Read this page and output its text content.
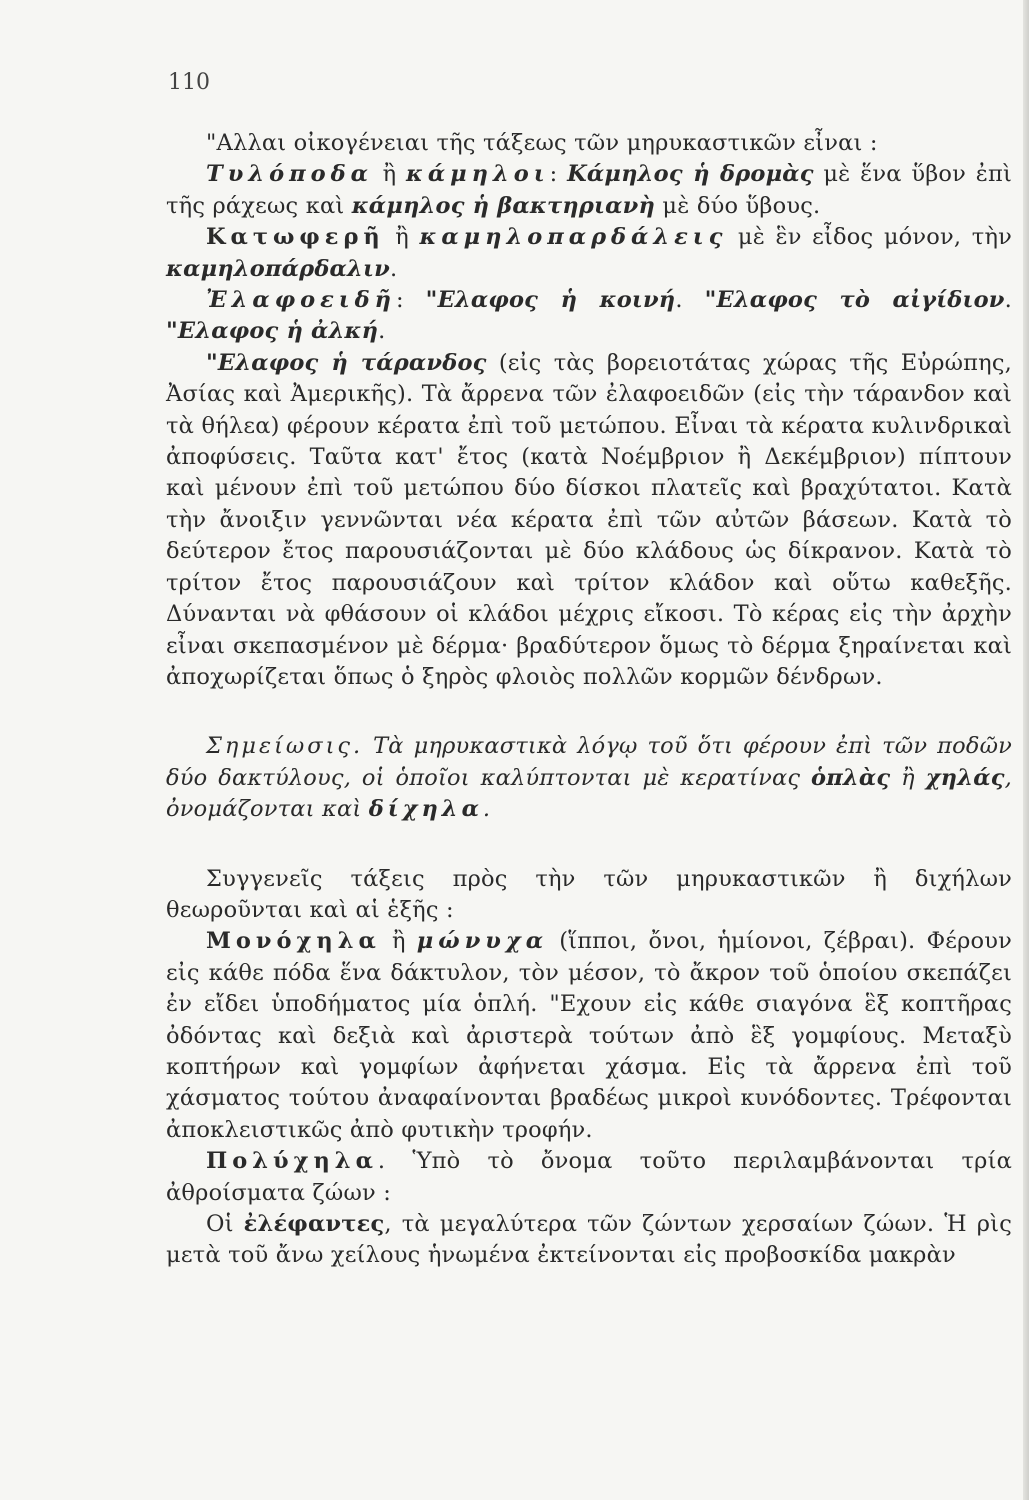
110

"Αλλαι οἰκογένειαι τῆς τάξεως τῶν μηρυκαστικῶν εἶναι :

Τυλόποδα ἢ κάμηλοι: Κάμηλος ἡ δρομὰς μὲ ἕνα ὕβον ἐπὶ τῆς ράχεως καὶ κάμηλος ἡ βακτηριανὴ μὲ δύο ὕβους.

Κατωφερῆ ἢ καμηλοπαρδάλεις μὲ ἓν εἶδος μόνον, τὴν καμηλοπάρδαλιν.

Ἐλαφοειδῆ: "Ελαφος ἡ κοινή. "Ελαφος τὸ αἰγίδιον. "Ελαφος ἡ ἀλκή.

"Ελαφος ἡ τάρανδος (εἰς τὰς βορειοτάτας χώρας τῆς Εὐρώπης, Ἀσίας καὶ Ἀμερικῆς). Τὰ ἄρρενα τῶν ἐλαφοειδῶν (εἰς τὴν τάρανδον καὶ τὰ θήλεα) φέρουν κέρατα ἐπὶ τοῦ μετώπου. Εἶναι τὰ κέρατα κυλινδρικαὶ ἀποφύσεις. Ταῦτα κατ' ἔτος (κατὰ Νοέμβριον ἢ Δεκέμβριον) πίπτουν καὶ μένουν ἐπὶ τοῦ μετώπου δύο δίσκοι πλατεῖς καὶ βραχύτατοι. Κατὰ τὴν ἄνοιξιν γεννῶνται νέα κέρατα ἐπὶ τῶν αὐτῶν βάσεων. Κατὰ τὸ δεύτερον ἔτος παρουσιάζονται μὲ δύο κλάδους ὡς δίκρανον. Κατὰ τὸ τρίτον ἔτος παρουσιάζουν καὶ τρίτον κλάδον καὶ οὕτω καθεξῆς. Δύνανται νὰ φθάσουν οἱ κλάδοι μέχρις εἴκοσι. Τὸ κέρας εἰς τὴν ἀρχὴν εἶναι σκεπασμένον μὲ δέρμα· βραδύτερον ὅμως τὸ δέρμα ξηραίνεται καὶ ἀποχωρίζεται ὅπως ὁ ξηρὸς φλοιὸς πολλῶν κορμῶν δένδρων.

Σημείωσις. Τὰ μηρυκαστικὰ λόγῳ τοῦ ὅτι φέρουν ἐπὶ τῶν ποδῶν δύο δακτύλους, οἱ ὁποῖοι καλύπτονται μὲ κερατίνας ὁπλὰς ἢ χηλάς, ὀνομάζονται καὶ δίχηλα.

Συγγενεῖς τάξεις πρὸς τὴν τῶν μηρυκαστικῶν ἢ διχήλων θεωροῦνται καὶ αἱ ἑξῆς :

Μονόχηλα ἢ μώνυχα (ἵπποι, ὄνοι, ἡμίονοι, ζέβραι). Φέρουν εἰς κάθε πόδα ἕνα δάκτυλον, τὸν μέσον, τὸ ἄκρον τοῦ ὁποίου σκεπάζει ἐν εἴδει ὑποδήματος μία ὁπλή. "Εχουν εἰς κάθε σιαγόνα ἓξ κοπτῆρας ὀδόντας καὶ δεξιὰ καὶ ἀριστερὰ τούτων ἀπὸ ἓξ γομφίους. Μεταξὺ κοπτήρων καὶ γομφίων ἀφήνεται χάσμα. Εἰς τὰ ἄρρενα ἐπὶ τοῦ χάσματος τούτου ἀναφαίνονται βραδέως μικροὶ κυνόδοντες. Τρέφονται ἀποκλειστικῶς ἀπὸ φυτικὴν τροφήν.

Πολύχηλα. Ὑπὸ τὸ ὄνομα τοῦτο περιλαμβάνονται τρία ἀθροίσματα ζώων :

Οἱ ἐλέφαντες, τὰ μεγαλύτερα τῶν ζώντων χερσαίων ζώων. Ἡ ρὶς μετὰ τοῦ ἄνω χείλους ἡνωμένα ἐκτείνονται εἰς προβοσκίδα μακρὰν
